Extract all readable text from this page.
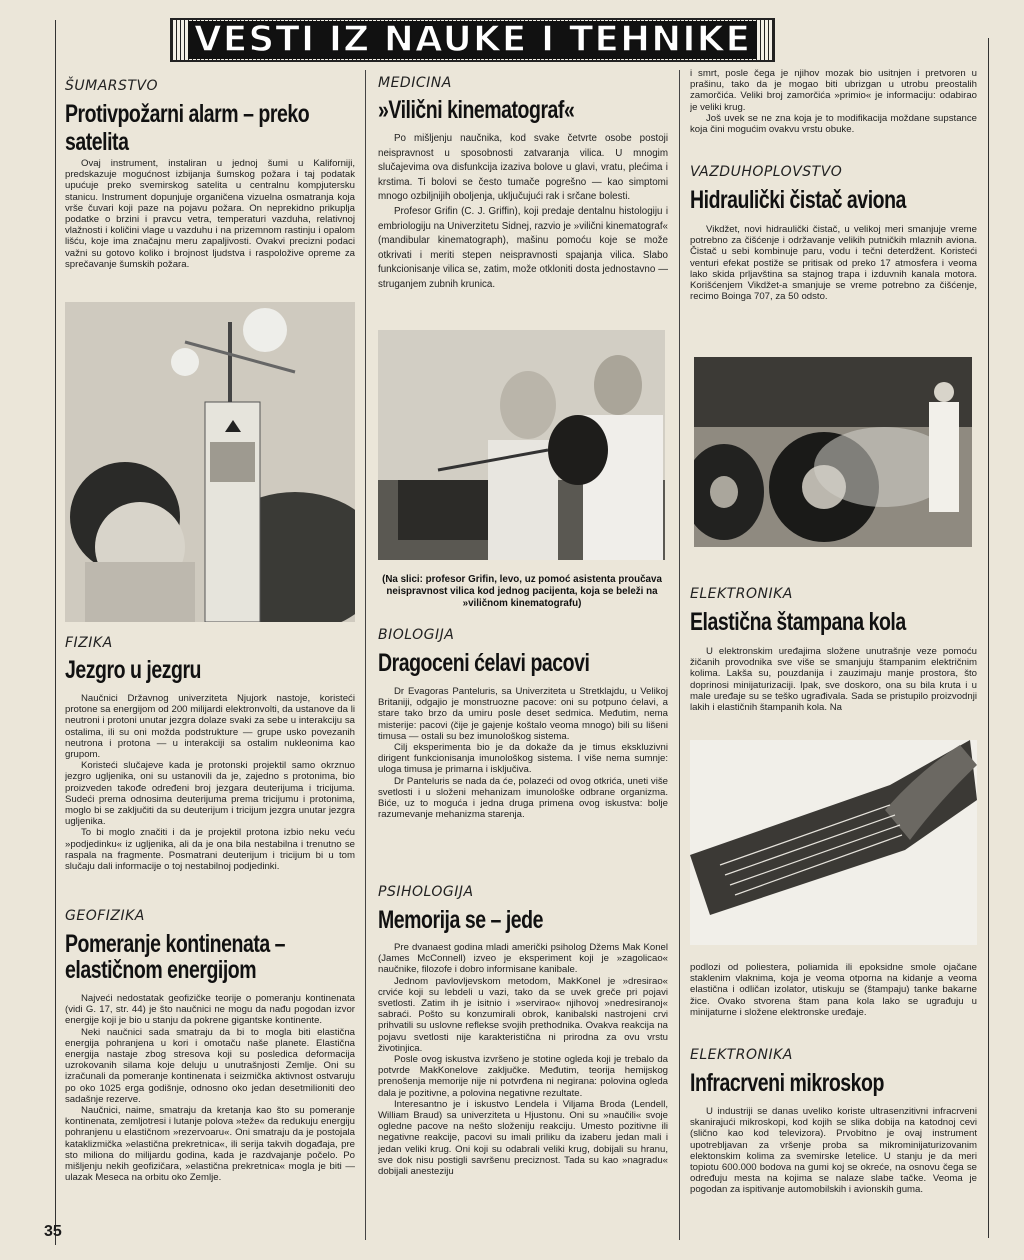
VESTI IZ NAUKE I TEHNIKE
ŠUMARSTVO
Protivpožarni alarm – preko satelita

Ovaj instrument, instaliran u jednoj šumi u Kaliforniji, predskazuje mogućnost izbijanja šumskog požara i taj podatak upućuje preko svemirskog satelita u centralnu kompjutersku stanicu. Instrument dopunjuje organičena vizuelna osmatranja koja vrše čuvari koji paze na pojavu požara. On neprekidno prikuplja podatke o brzini i pravcu vetra, temperaturi vazduha, relativnoj vlažnosti i količini vlage u vazduhu i na prizemnom rastinju i opalom lišću, koje ima značajnu meru zapaljivosti. Ovakvi precizni podaci važni su gotovo koliko i brojnost ljudstva i raspoložive opreme za sprečavanje šumskih požara.

FIZIKA
Jezgro u jezgru

Naučnici Državnog univerziteta Njujork nastoje, koristeći protone sa energijom od 200 milijardi elektronvolti, da ustanove da li neutroni i protoni unutar jezgra dolaze svaki za sebe u interakciju sa ostalima, ili su oni možda podstrukture — grupe usko povezanih neutrona i protona — u interakciji sa ostalim nukleonima kao grupom.

Koristeći slučajeve kada je protonski projektil samo okrznuo jezgro ugljenika, oni su ustanovili da je, zajedno s protonima, bio proizveden takođe određeni broj jezgara deuterijuma i tricijuma. Sudeći prema odnosima deuterijuma prema tricijumu i protonima, moglo bi se zaključiti da su deuterijum i tricijum jezgra unutar jezgra ugljenika.

To bi moglo značiti i da je projektil protona izbio neku veću »podjedinku« iz ugljenika, ali da je ona bila nestabilna i trenutno se raspala na fragmente. Posmatrani deuterijum i tricijum bi u tom slučaju dali informacije o toj nestabilnoj podjedinki.

GEOFIZIKA
Pomeranje kontinenata –
elastičnom energijom

Najveći nedostatak geofizičke teorije o pomeranju kontinenata (vidi G. 17, str. 44) je što naučnici ne mogu da nađu pogodan izvor energije koji je bio u stanju da pokrene gigantske kontinente.

Neki naučnici sada smatraju da bi to mogla biti elastična energija pohranjena u kori i omotaču naše planete. Elastična energija nastaje zbog stresova koji su posledica deformacija uzrokovanih silama koje deluju u unutrašnjosti Zemlje. Oni su izračunali da pomeranje kontinenata i seizmička aktivnost ostvaruju po oko 1025 erga godišnje, odnosno oko jedan desetmilioniti deo sadašnje rezerve.

Naučnici, naime, smatraju da kretanja kao što su pomeranje kontinenata, zemljotresi i lutanje polova »teže« da redukuju energiju pohranjenu u elastičnom »rezervoaru«. Oni smatraju da je postojala kataklizmička »elastična prekretnica«, ili serija takvih događaja, pre sto miliona do milijardu godina, kada je razdvajanje počelo. Po mišljenju nekih geofizičara, »elastična prekretnica« mogla je biti — ulazak Meseca na orbitu oko Zemlje.

MEDICINA
»Vilični kinematograf«

Po mišljenju naučnika, kod svake četvrte osobe postoji neispravnost u sposobnosti zatvaranja vilica. U mnogim slučajevima ova disfunkcija izaziva bolove u glavi, vratu, plećima i krstima. Ti bolovi se često tumače pogrešno — kao simptomi mnogo ozbiljnijih oboljenja, uključujući rak i srčane bolesti.

Profesor Grifin (C. J. Griffin), koji predaje dentalnu histologiju i embriologiju na Univerzitetu Sidnej, razvio je »vilični kinematograf« (mandibular kinematograph), mašinu pomoću koje se može otkrivati i meriti stepen neispravnosti spajanja vilica. Slabo funkcionisanje vilica se, zatim, može otkloniti dosta jednostavno — struganjem zubnih krunica.

(Na slici: profesor Grifin, levo, uz pomoć asistenta proučava neispravnost vilica kod jednog pacijenta, koja se beleži na »viličnom kinematografu)
BIOLOGIJA
Dragoceni ćelavi pacovi

Dr Evagoras Panteluris, sa Univerziteta u Stretklajdu, u Velikoj Britaniji, odgajio je monstruozne pacove: oni su potpuno ćelavi, a stare tako brzo da umiru posle deset sedmica. Međutim, nema misterije: pacovi (čije je gajenje koštalo veoma mnogo) bili su lišeni timusa — ostali su bez imunološkog sistema.

Cilj eksperimenta bio je da dokaže da je timus ekskluzivni dirigent funkcionisanja imunološkog sistema. I više nema sumnje: uloga timusa je primarna i isključiva.

Dr Panteluris se nada da će, polazeći od ovog otkrića, uneti više svetlosti i u složeni mehanizam imunološke odbrane organizma. Biće, uz to moguća i jedna druga primena ovog iskustva: bolje razumevanje mehanizma starenja.

PSIHOLOGIJA
Memorija se – jede

Pre dvanaest godina mladi američki psiholog Džems Mak Konel (James McConnell) izveo je eksperiment koji je »zagolicao« naučnike, filozofe i dobro informisane kanibale.

Jednom pavlovljevskom metodom, MakKonel je »dresirao« crviće koji su lebdeli u vazi, tako da se uvek greče pri pojavi svetlosti. Zatim ih je isitnio i »servirao« njihovoj »nedresiranoj« sabraći. Pošto su konzumirali obrok, kanibalski nastrojeni crvi prihvatili su uslovne reflekse svojih prethodnika. Ovakva reakcija na pojavu svetlosti nije karakteristična ni prirodna za ovu vrstu životinjica.

Posle ovog iskustva izvršeno je stotine ogleda koji je trebalo da potvrde MakKonelove zaključke. Međutim, teorija hemijskog prenošenja memorije nije ni potvrđena ni negirana: polovina ogleda dala je pozitivne, a polovina negativne rezultate.

Interesantno je i iskustvo Lendela i Viljama Broda (Lendell, William Braud) sa univerziteta u Hjustonu. Oni su »naučili« svoje ogledne pacove na nešto složeniju reakciju. Umesto pozitivne ili negativne reakcije, pacovi su imali priliku da izaberu jedan mali i jedan veliki krug. Oni koji su odabrali veliki krug, dobijali su hranu, sve dok nisu postigli savršenu preciznost. Tada su kao »nagradu« dobijali anesteziju

i smrt, posle čega je njihov mozak bio usitnjen i pretvoren u prašinu, tako da je mogao biti ubrizgan u utrobu preostalih zamorčića. Veliki broj zamorčića »primio« je informaciju: odabirao je veliki krug.

Još uvek se ne zna koja je to modifikacija moždane supstance koja čini mogućim ovakvu vrstu obuke.

VAZDUHOPLOVSTVO
Hidraulički čistač aviona

Vikdžet, novi hidraulički čistač, u velikoj meri smanjuje vreme potrebno za čišćenje i održavanje velikih putničkih mlaznih aviona. Čistač u sebi kombinuje paru, vodu i tečni deterdžent. Koristeći venturi efekat postiže se pritisak od preko 17 atmosfera i veoma lako skida prljavština sa stajnog trapa i izduvnih kanala motora. Korišćenjem Vikdžet-a smanjuje se vreme potrebno za čišćenje, recimo Boinga 707, za 50 odsto.

ELEKTRONIKA
Elastična štampana kola

U elektronskim uređajima složene unutrašnje veze pomoću žičanih provodnika sve više se smanjuju štampanim električnim kolima. Lakša su, pouzdanija i zauzimaju manje prostora, što doprinosi minijaturizaciji. Ipak, sve doskoro, ona su bila kruta i u male uređaje su se teško ugrađivala. Sada se pristupilo proizvodnji lakih i elastičnih štampanih kola. Na

podlozi od poliestera, poliamida ili epoksidne smole ojačane staklenim vlaknima, koja je veoma otporna na kidanje a veoma elastična i odličan izolator, utiskuju se (štampaju) tanke bakarne žice. Ovako stvorena štam pana kola lako se ugrađuju u minijaturne i složene elektronske uređaje.

ELEKTRONIKA
Infracrveni mikroskop

U industriji se danas uveliko koriste ultrasenzitivni infracrveni skanirajući mikroskopi, kod kojih se slika dobija na katodnoj cevi (slično kao kod televizora). Prvobitno je ovaj instrument upotrebljavan za vršenje proba sa mikrominijaturizovanim elektonskim kolima za svemirske letelice. U stanju je da meri topiotu 600.000 bodova na gumi koj se okreće, na osnovu čega se određuju mesta na kojima se nalaze slabe tačke. Veoma je pogodan za ispitivanje automobilskih i avionskih guma.

35
